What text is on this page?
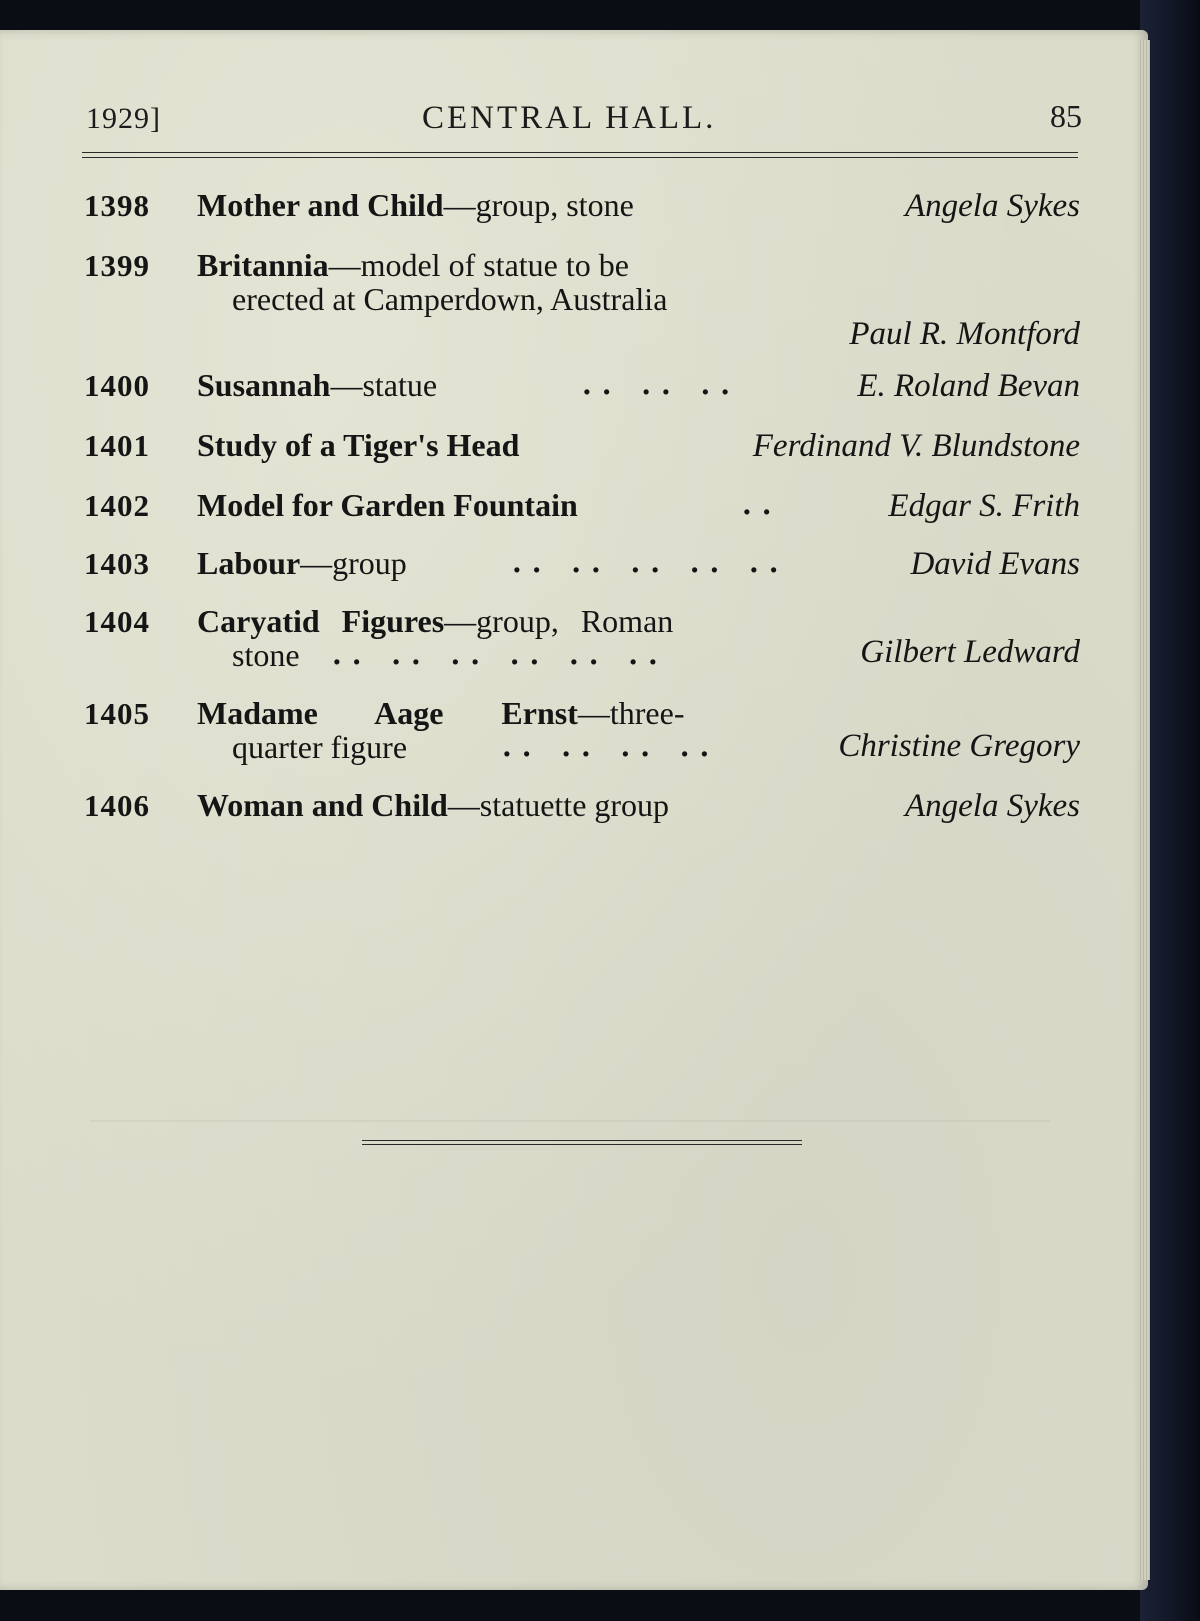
1929]	CENTRAL HALL.	85
1398 Mother and Child—group, stone	Angela Sykes
1399 Britannia—model of statue to be
erected at Camperdown, Australia
Paul R. Montford
1400 Susannah—statue	.. .. ..	E. Roland Bevan
1401 Study of a Tiger's Head	Ferdinand V. Blundstone
1402 Model for Garden Fountain	..	Edgar S. Frith
1403 Labour—group	.. .. .. .. ..	David Evans
1404 Caryatid Figures—group, Roman
stone .. .. .. .. .. ..	Gilbert Ledward
1405 Madame Aage Ernst—three-
quarter figure	.. .. .. ..	Christine Gregory
1406 Woman and Child—statuette group	Angela Sykes
